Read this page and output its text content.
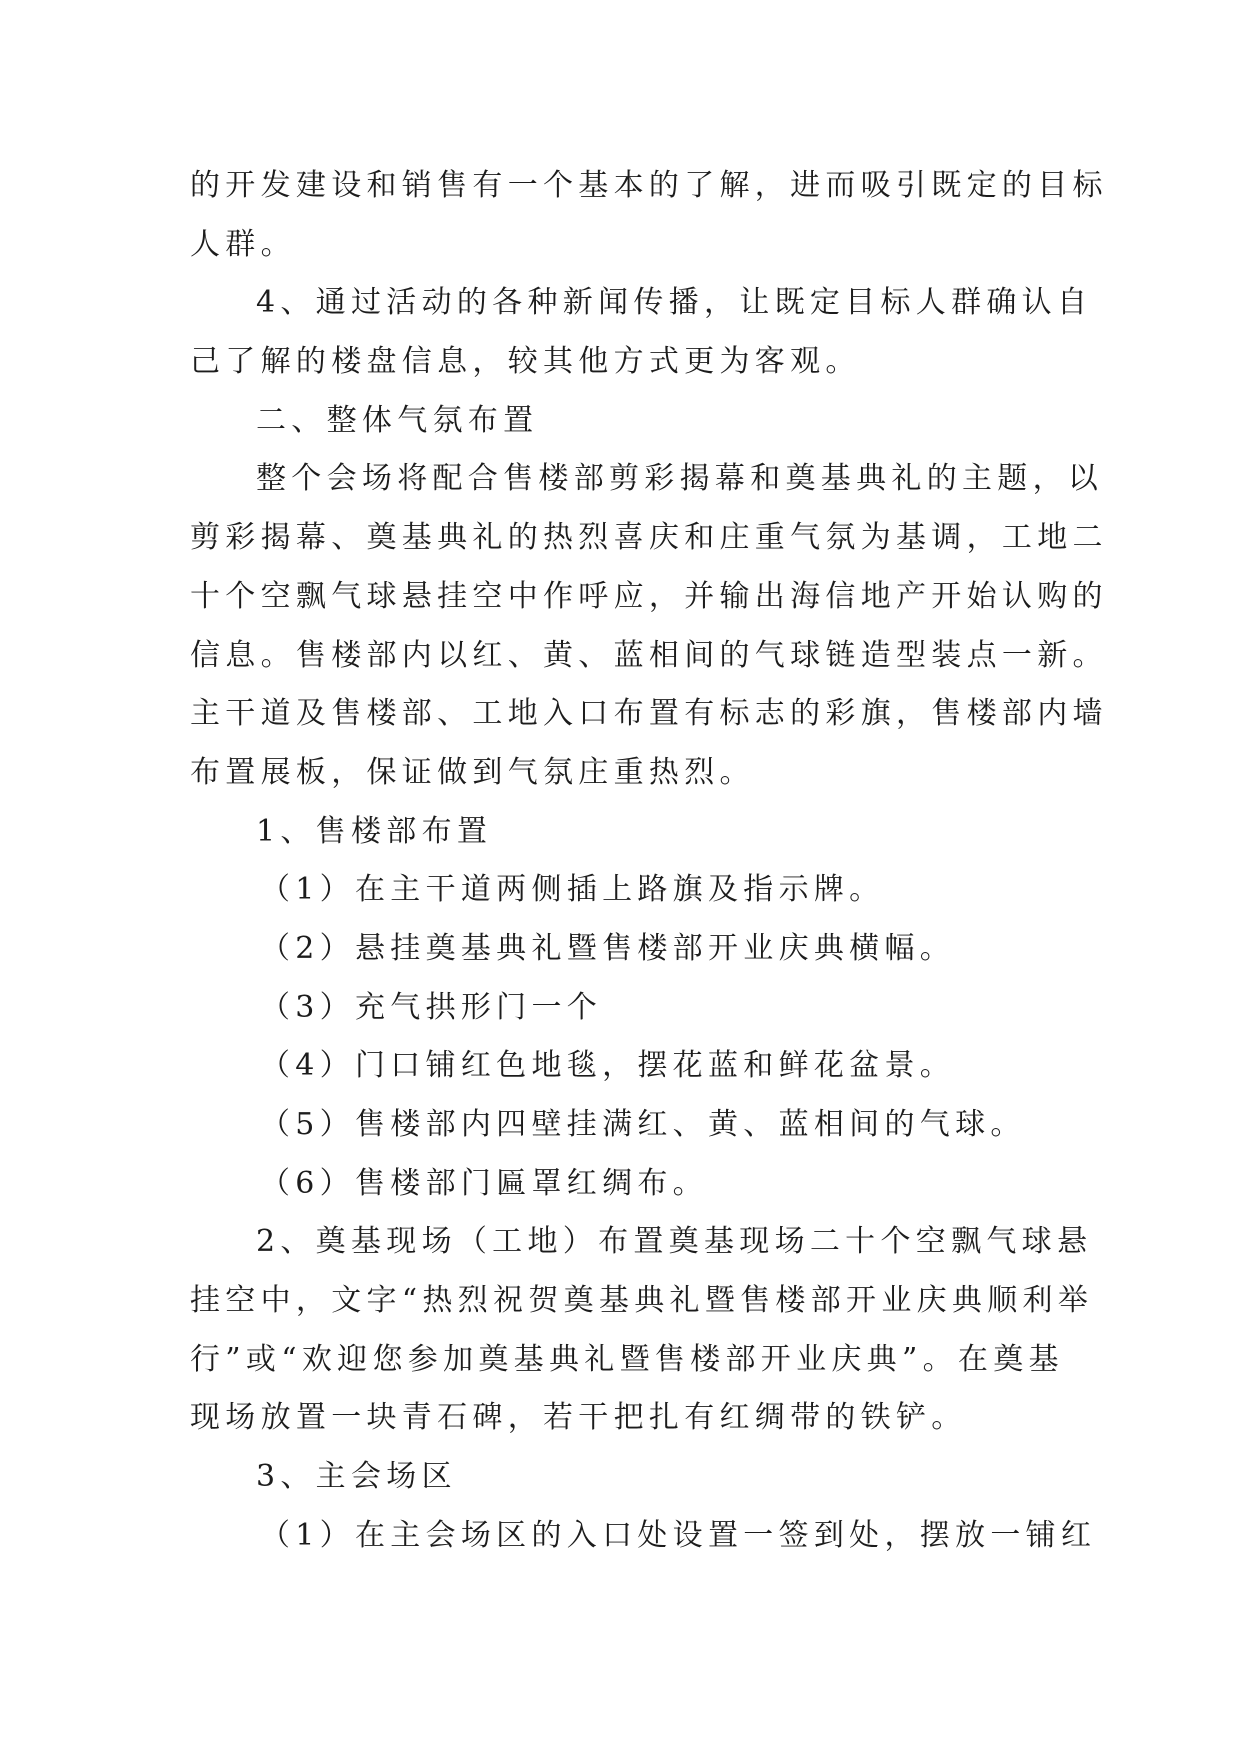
的开发建设和销售有一个基本的了解，进而吸引既定的目标
人群。
4、通过活动的各种新闻传播，让既定目标人群确认自
己了解的楼盘信息，较其他方式更为客观。
二、整体气氛布置
整个会场将配合售楼部剪彩揭幕和奠基典礼的主题，以
剪彩揭幕、奠基典礼的热烈喜庆和庄重气氛为基调，工地二
十个空飘气球悬挂空中作呼应，并输出海信地产开始认购的
信息。售楼部内以红、黄、蓝相间的气球链造型装点一新。
主干道及售楼部、工地入口布置有标志的彩旗，售楼部内墙
布置展板，保证做到气氛庄重热烈。
1、售楼部布置
（1）在主干道两侧插上路旗及指示牌。
（2）悬挂奠基典礼暨售楼部开业庆典横幅。
（3）充气拱形门一个
（4）门口铺红色地毯，摆花蓝和鲜花盆景。
（5）售楼部内四壁挂满红、黄、蓝相间的气球。
（6）售楼部门匾罩红绸布。
2、奠基现场（工地）布置奠基现场二十个空飘气球悬
挂空中，文字“热烈祝贺奠基典礼暨售楼部开业庆典顺利举
行”或“欢迎您参加奠基典礼暨售楼部开业庆典”。在奠基
现场放置一块青石碑，若干把扎有红绸带的铁铲。
3、主会场区
（1）在主会场区的入口处设置一签到处，摆放一铺红
